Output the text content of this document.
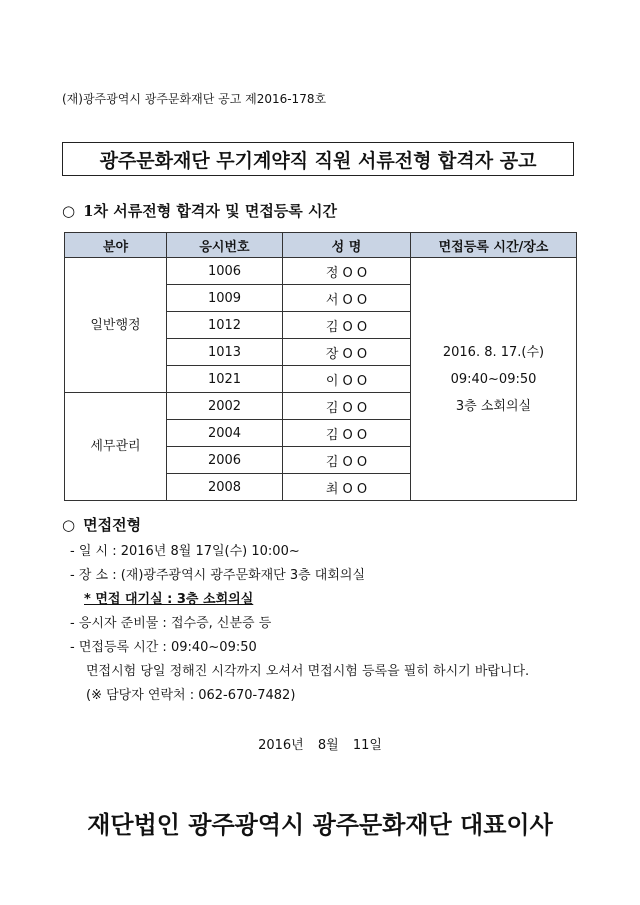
(재)광주광역시 광주문화재단 공고 제2016-178호
광주문화재단 무기계약직 직원 서류전형 합격자 공고
○ 1차 서류전형 합격자 및 면접등록 시간
분야	응시번호	성 명	면접등록 시간/장소
일반행정	1006	정 O O	2016. 8. 17.(수)
09:40~09:50
3층 소회의실

	1009	서 O O	
	1012	김 O O	
	1013	장 O O	
	1021	이 O O	
세무관리	2002	김 O O	
	2004	김 O O	
	2006	김 O O	
	2008	최 O O	
○ 면접전형
- 일 시 : 2016년 8월 17일(수) 10:00~
- 장 소 : (재)광주광역시 광주문화재단 3층 대회의실
* 면접 대기실 : 3층 소회의실
- 응시자 준비물 : 접수증, 신분증 등
- 면접등록 시간 : 09:40~09:50
면접시험 당일 정해진 시각까지 오셔서 면접시험 등록을 필히 하시기 바랍니다.
(※ 담당자 연락처 : 062-670-7482)
2016년 8월 11일
재단법인 광주광역시 광주문화재단 대표이사
